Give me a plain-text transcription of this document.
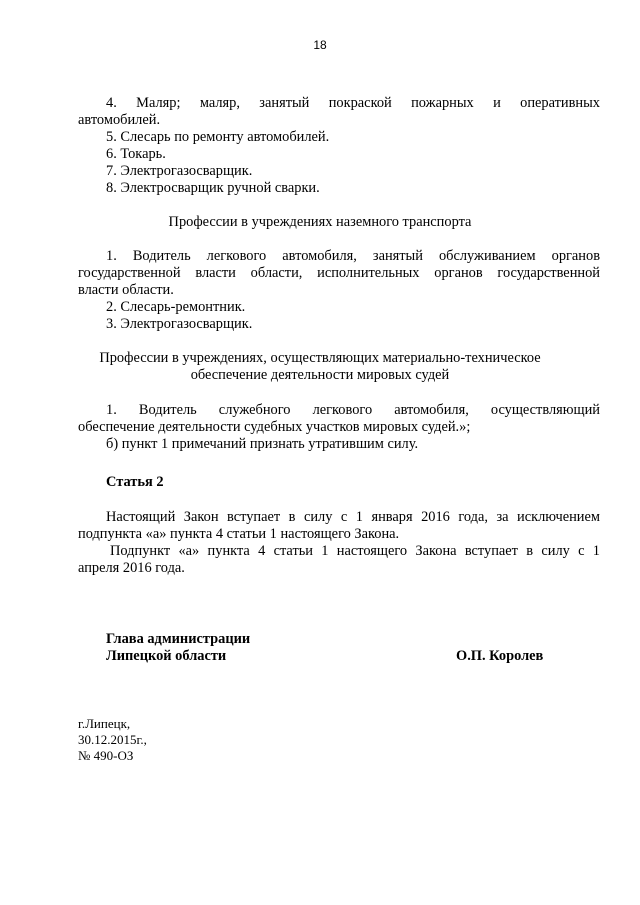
18
4. Маляр; маляр, занятый покраской пожарных и оперативных
автомобилей.
5. Слесарь по ремонту автомобилей.
6. Токарь.
7. Электрогазосварщик.
8. Электросварщик ручной сварки.
Профессии в учреждениях наземного транспорта
1. Водитель легкового автомобиля, занятый обслуживанием органов
государственной власти области, исполнительных органов государственной
власти области.
2. Слесарь-ремонтник.
3. Электрогазосварщик.
Профессии в учреждениях, осуществляющих материально-техническое
обеспечение деятельности мировых судей
1. Водитель служебного легкового автомобиля, осуществляющий
обеспечение деятельности судебных участков мировых судей.»;
б) пункт 1 примечаний признать утратившим силу.
Статья 2
Настоящий Закон вступает в силу с 1 января 2016 года, за исключением
подпункта «а» пункта 4 статьи 1 настоящего Закона.
Подпункт «а» пункта 4 статьи 1 настоящего Закона вступает в силу с 1
апреля 2016 года.
Глава администрации
Липецкой области	О.П. Королев
г.Липецк,
30.12.2015г.,
№ 490-ОЗ
